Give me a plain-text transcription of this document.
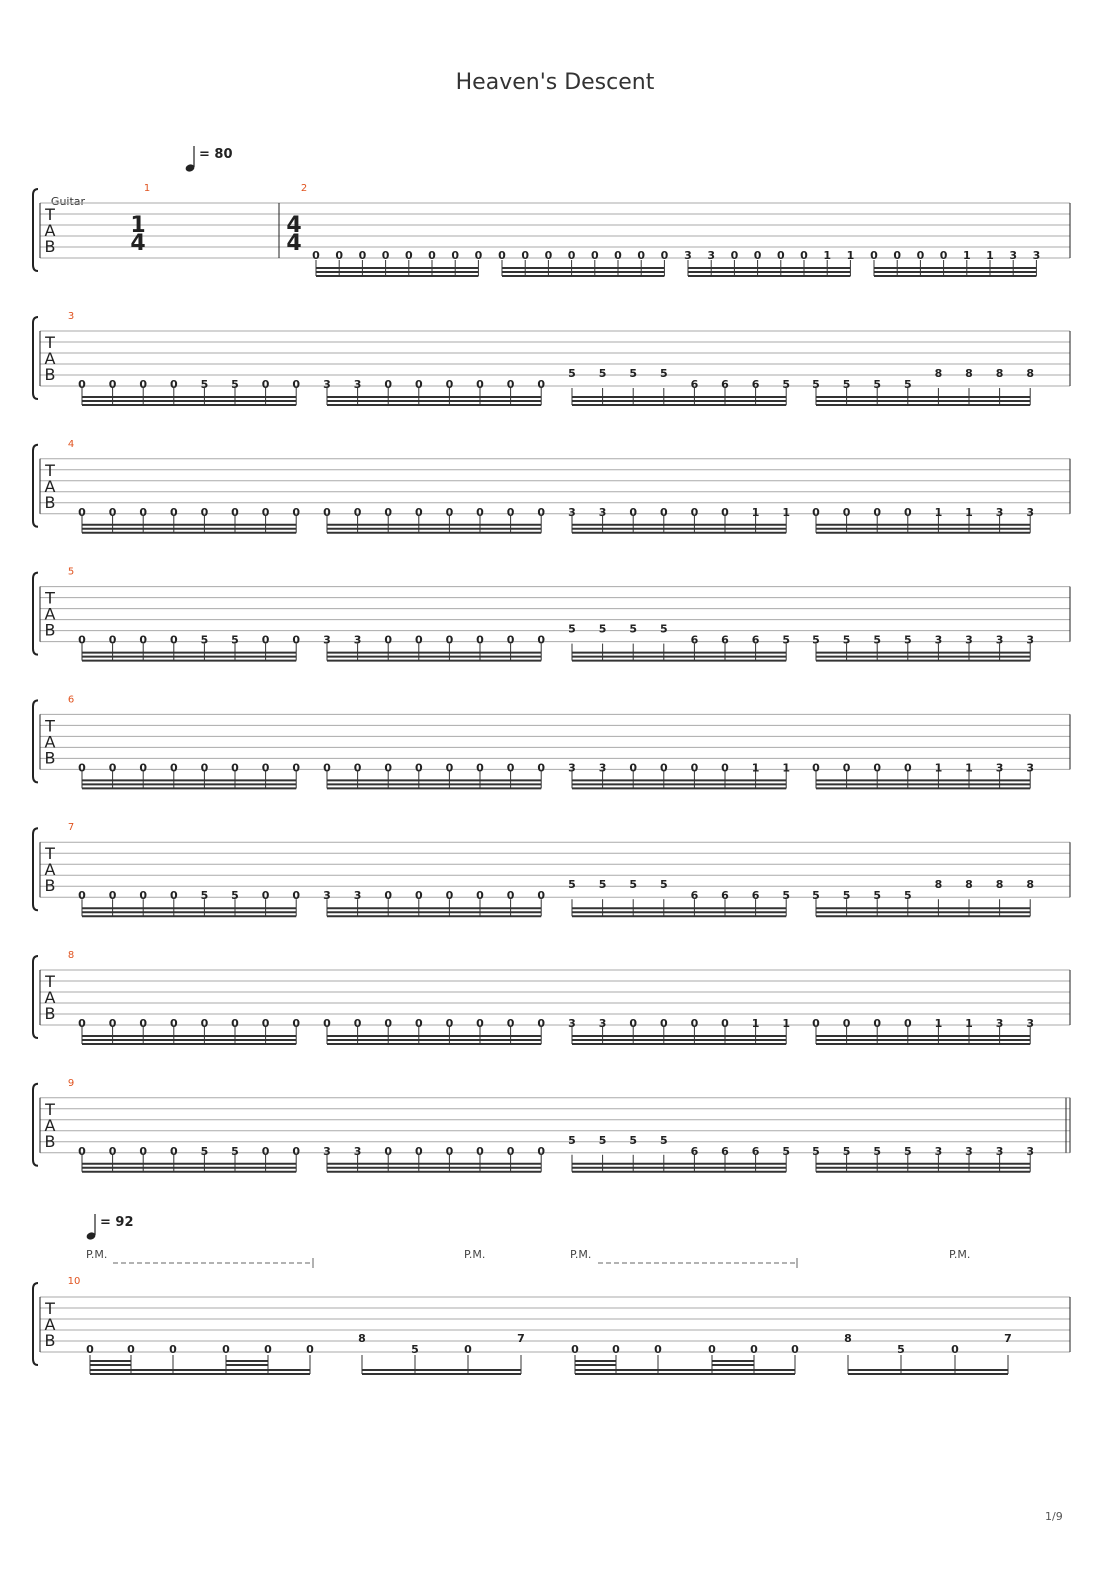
Heaven's Descent
Guitar
T
A
B
= 80
1	2
1
4
4
4 0 0 0 0 0 0 0 0 0 0 0 0 0 0 0 0 3 3 0 0 0 0 1 1 0 0 0 0 1 1 3 3
T
A
B
3
0 0 0 0 5 5 0 0 3 3 0 0 0 0 0 0	6 6 6 5 5 5 5 5
5 5 5 5	8 8 8 8
T
A
B
4
0 0 0 0 0 0 0 0 0 0 0 0 0 0 0 0 3 3 0 0 0 0 1 1 0 0 0 0 1 1 3 3
T
A
B
5
0 0 0 0 5 5 0 0 3 3 0 0 0 0 0 0	6 6 6 5 5 5 5 5 3 3 3 3
5 5 5 5
T
A
B
6
0 0 0 0 0 0 0 0 0 0 0 0 0 0 0 0 3 3 0 0 0 0 1 1 0 0 0 0 1 1 3 3
T
A
B
7
0 0 0 0 5 5 0 0 3 3 0 0 0 0 0 0	6 6 6 5 5 5 5 5
5 5 5 5	8 8 8 8
T
A
B
8
0 0 0 0 0 0 0 0 0 0 0 0 0 0 0 0 3 3 0 0 0 0 1 1 0 0 0 0 1 1 3 3
T
A
B
9
0 0 0 0 5 5 0 0 3 3 0 0 0 0 0 0	6 6 6 5 5 5 5 5 3 3 3 3
5 5 5 5
T
A
B
10
= 92
P.M.	P.M.	P.M.	P.M.
0	0	0	0	0	0
8
5	0
7
0	0	0	0	0	0
8
5	0
7
1/9
